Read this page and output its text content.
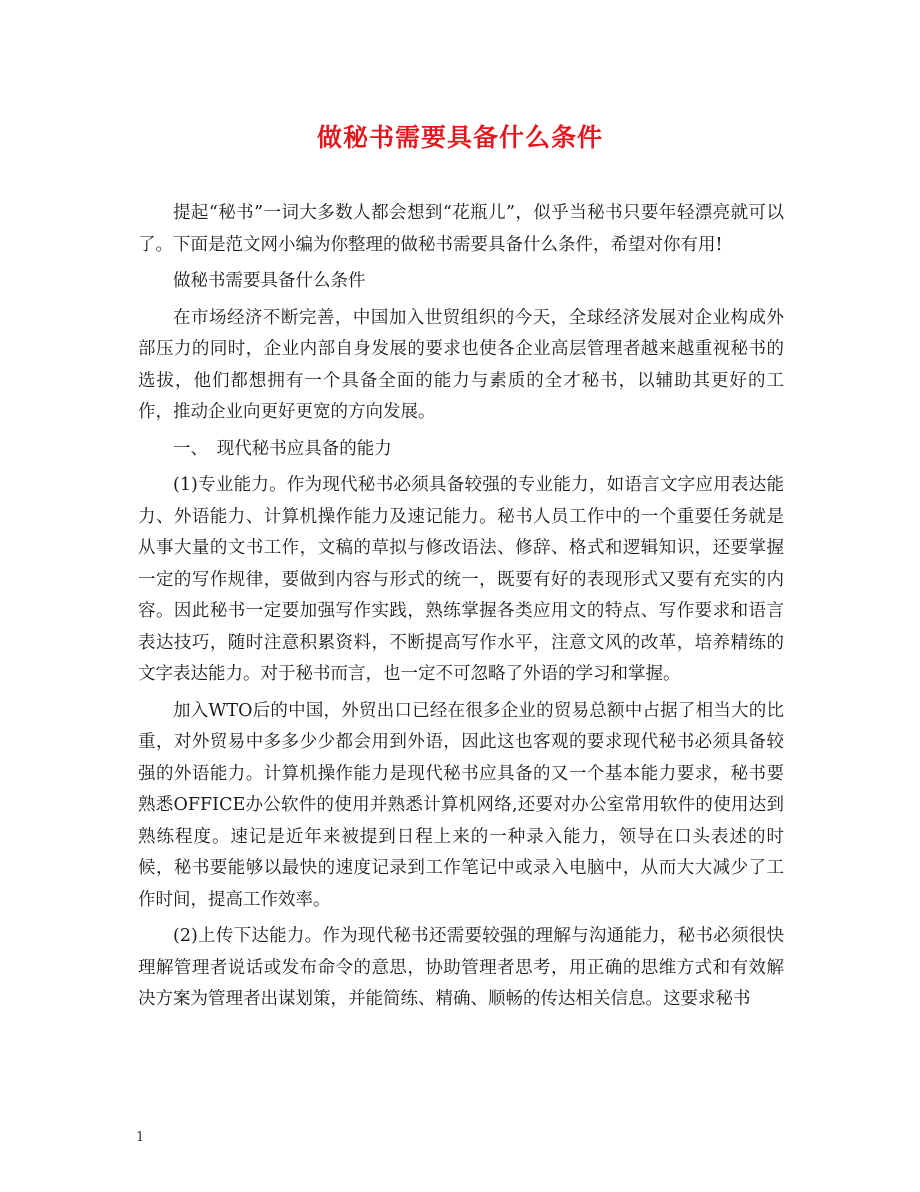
做秘书需要具备什么条件

提起“秘书”一词大多数人都会想到“花瓶儿”，似乎当秘书只要年轻漂亮就可以了。下面是范文网小编为你整理的做秘书需要具备什么条件，希望对你有用!

做秘书需要具备什么条件

在市场经济不断完善，中国加入世贸组织的今天，全球经济发展对企业构成外部压力的同时，企业内部自身发展的要求也使各企业高层管理者越来越重视秘书的选拔，他们都想拥有一个具备全面的能力与素质的全才秘书，以辅助其更好的工作，推动企业向更好更宽的方向发展。

一、　现代秘书应具备的能力

(1)专业能力。作为现代秘书必须具备较强的专业能力，如语言文字应用表达能力、外语能力、计算机操作能力及速记能力。秘书人员工作中的一个重要任务就是从事大量的文书工作，文稿的草拟与修改语法、修辞、格式和逻辑知识，还要掌握一定的写作规律，要做到内容与形式的统一，既要有好的表现形式又要有充实的内容。因此秘书一定要加强写作实践，熟练掌握各类应用文的特点、写作要求和语言表达技巧，随时注意积累资料，不断提高写作水平，注意文风的改革，培养精练的文字表达能力。对于秘书而言，也一定不可忽略了外语的学习和掌握。

加入WTO后的中国，外贸出口已经在很多企业的贸易总额中占据了相当大的比重，对外贸易中多多少少都会用到外语，因此这也客观的要求现代秘书必须具备较强的外语能力。计算机操作能力是现代秘书应具备的又一个基本能力要求，秘书要熟悉OFFICE办公软件的使用并熟悉计算机网络,还要对办公室常用软件的使用达到熟练程度。速记是近年来被提到日程上来的一种录入能力，领导在口头表述的时候，秘书要能够以最快的速度记录到工作笔记中或录入电脑中，从而大大减少了工作时间，提高工作效率。

(2)上传下达能力。作为现代秘书还需要较强的理解与沟通能力，秘书必须很快理解管理者说话或发布命令的意思，协助管理者思考，用正确的思维方式和有效解决方案为管理者出谋划策，并能简练、精确、顺畅的传达相关信息。这要求秘书

1
